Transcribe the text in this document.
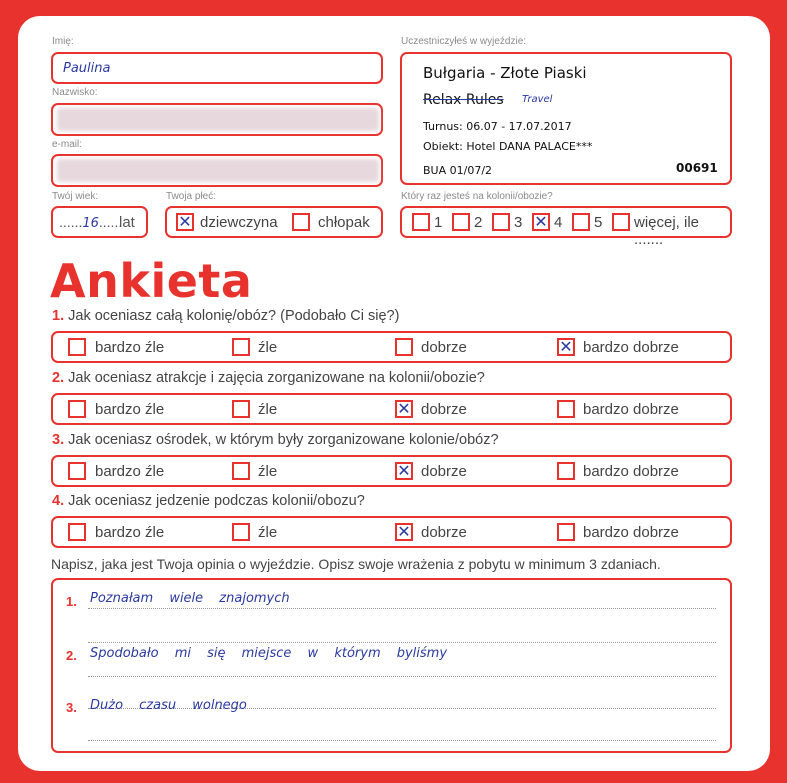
Imię:
Paulina
Nazwisko:
e-mail:
Twój wiek:
......16......
lat
Twoja płeć:
✕ dziewczyna	chłopak
Uczestniczyłeś w wyjeździe:
Bułgaria - Złote Piaski
Relax Rules Travel
Turnus: 06.07 - 17.07.2017
Obiekt: Hotel DANA PALACE***
BUA 01/07/2	00691
Który raz jesteś na kolonii/obozie?
1 2 3 ✕ 4 5 więcej, ile .......
Ankieta
1. Jak oceniasz całą kolonię/obóz? (Podobało Ci się?)
bardzo źle	źle	dobrze	✕ bardzo dobrze
2. Jak oceniasz atrakcje i zajęcia zorganizowane na kolonii/obozie?
bardzo źle	źle	✕ dobrze	bardzo dobrze
3. Jak oceniasz ośrodek, w którym były zorganizowane kolonie/obóz?
bardzo źle	źle	✕ dobrze	bardzo dobrze
4. Jak oceniasz jedzenie podczas kolonii/obozu?
bardzo źle	źle	✕ dobrze	bardzo dobrze
Napisz, jaka jest Twoja opinia o wyjeździe. Opisz swoje wrażenia z pobytu w minimum 3 zdaniach.
1. Poznałam wiele znajomych
2. Spodobało mi się miejsce w którym byliśmy
3. Dużo czasu wolnego
